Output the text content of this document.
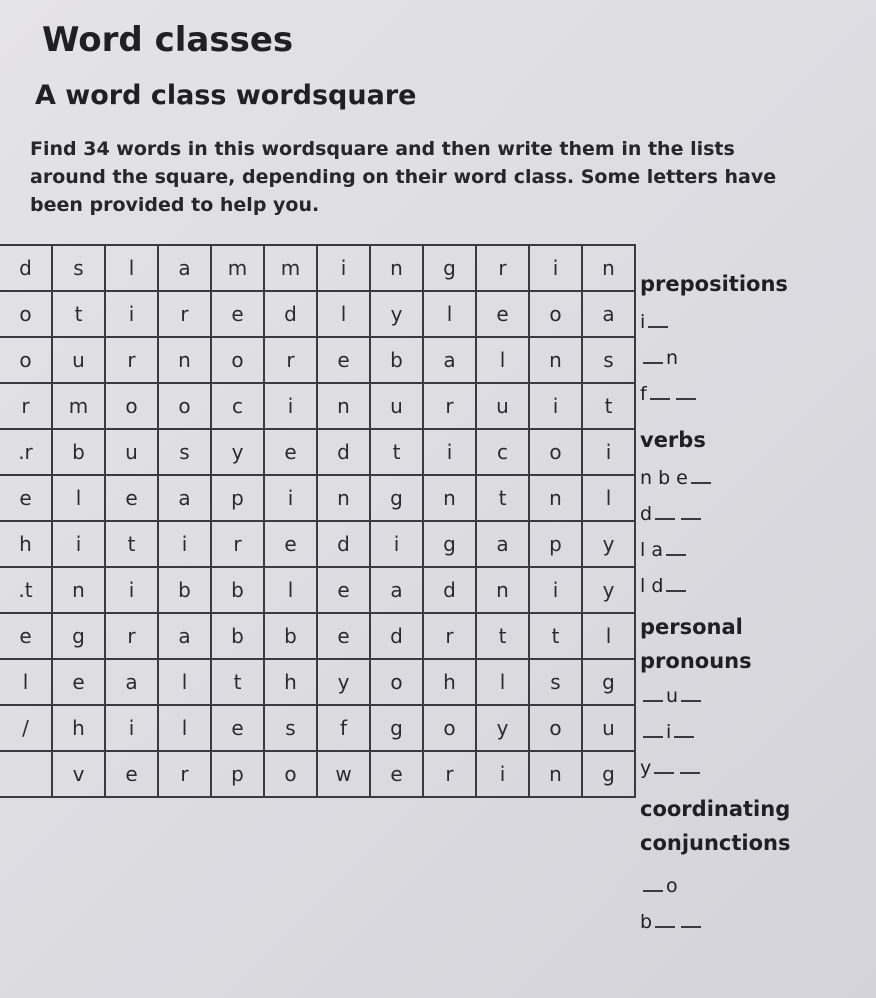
Word classes
A word class wordsquare

Find 34 words in this wordsquare and then write them in the lists around the square, depending on their word class. Some letters have been provided to help you.

d	s	l	a	m	m	i	n	g	r	i	n
o	t	i	r	e	d	l	y	l	e	o	a
o	u	r	n	o	r	e	b	a	l	n	s
r	m	o	o	c	i	n	u	r	u	i	t
.r	b	u	s	y	e	d	t	i	c	o	i
e	l	e	a	p	i	n	g	n	t	n	l
h	i	t	i	r	e	d	i	g	a	p	y
.t	n	i	b	b	l	e	a	d	n	i	y
e	g	r	a	b	b	e	d	r	t	t	l
l	e	a	l	t	h	y	o	h	l	s	g
/	h	i	l	e	s	f	g	o	y	o	u
	v	e	r	p	o	w	e	r	i	n	g
prepositions
i
n
f
verbs
n b e
d
l a
l d
personal
pronouns
u
i
y
coordinating
conjunctions
o
b
